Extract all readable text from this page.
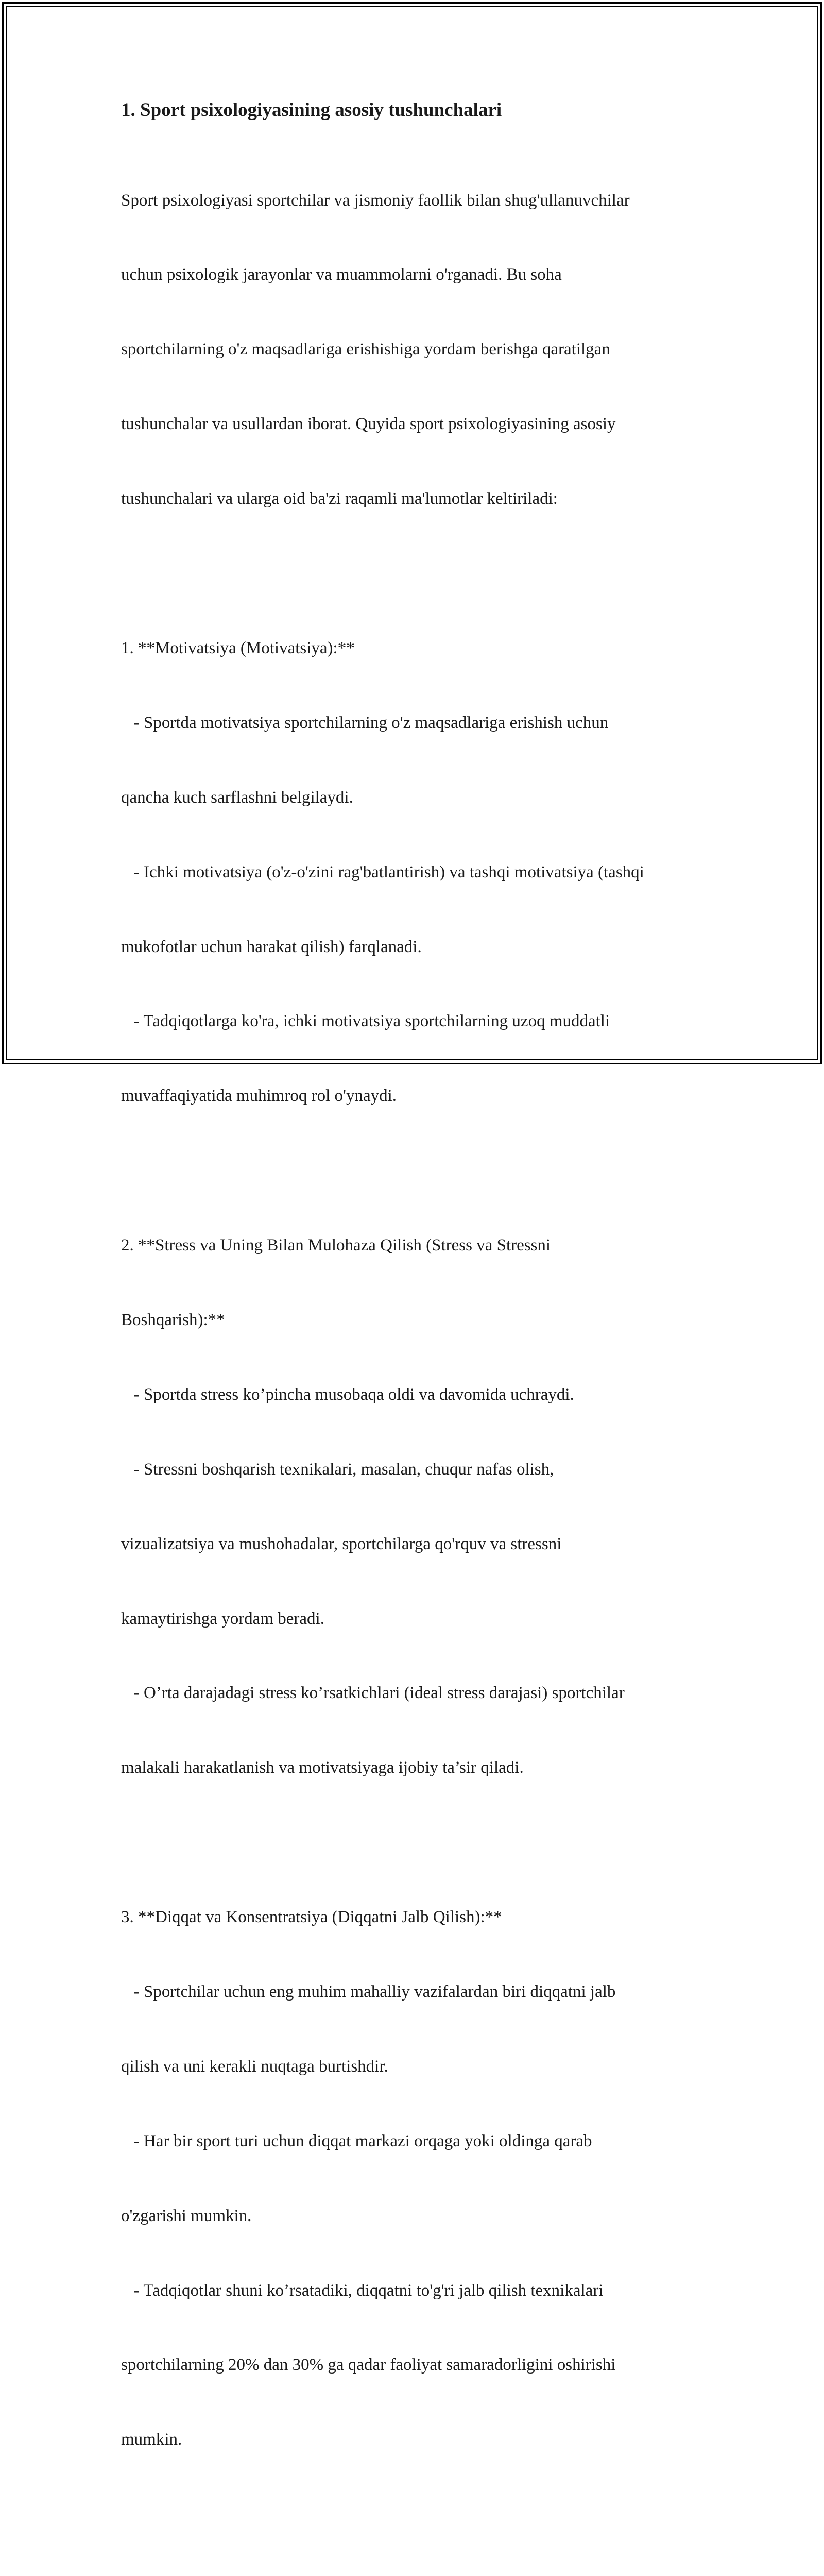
1. Sport psixologiyasining asosiy tushunchalari

Sport psixologiyasi sportchilar va jismoniy faollik bilan shug'ullanuvchilar

uchun psixologik jarayonlar va muammolarni o'rganadi. Bu soha

sportchilarning o'z maqsadlariga erishishiga yordam berishga qaratilgan

tushunchalar va usullardan iborat. Quyida sport psixologiyasining asosiy

tushunchalari va ularga oid ba'zi raqamli ma'lumotlar keltiriladi:

1. **Motivatsiya (Motivatsiya):**

- Sportda motivatsiya sportchilarning o'z maqsadlariga erishish uchun

qancha kuch sarflashni belgilaydi.

- Ichki motivatsiya (o'z-o'zini rag'batlantirish) va tashqi motivatsiya (tashqi

mukofotlar uchun harakat qilish) farqlanadi.

- Tadqiqotlarga ko'ra, ichki motivatsiya sportchilarning uzoq muddatli

muvaffaqiyatida muhimroq rol o'ynaydi.

2. **Stress va Uning Bilan Mulohaza Qilish (Stress va Stressni

Boshqarish):**

- Sportda stress ko’pincha musobaqa oldi va davomida uchraydi.

- Stressni boshqarish texnikalari, masalan, chuqur nafas olish,

vizualizatsiya va mushohadalar, sportchilarga qo'rquv va stressni

kamaytirishga yordam beradi.

- O’rta darajadagi stress ko’rsatkichlari (ideal stress darajasi) sportchilar

malakali harakatlanish va motivatsiyaga ijobiy ta’sir qiladi.

3. **Diqqat va Konsentratsiya (Diqqatni Jalb Qilish):**

- Sportchilar uchun eng muhim mahalliy vazifalardan biri diqqatni jalb

qilish va uni kerakli nuqtaga burtishdir.

- Har bir sport turi uchun diqqat markazi orqaga yoki oldinga qarab

o'zgarishi mumkin.

- Tadqiqotlar shuni ko’rsatadiki, diqqatni to'g'ri jalb qilish texnikalari

sportchilarning 20% dan 30% ga qadar faoliyat samaradorligini oshirishi

mumkin.
